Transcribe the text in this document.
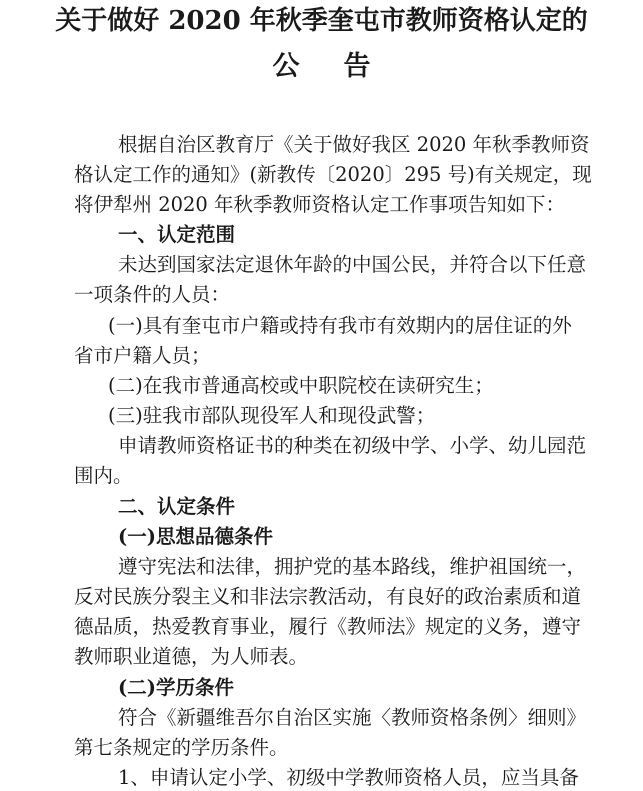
关于做好 2020 年秋季奎屯市教师资格认定的
公告
根据自治区教育厅《关于做好我区 2020 年秋季教师资
格认定工作的通知》(新教传〔2020〕295 号)有关规定，现
将伊犁州 2020 年秋季教师资格认定工作事项告知如下：
一、认定范围
未达到国家法定退休年龄的中国公民，并符合以下任意
一项条件的人员：
(一)具有奎屯市户籍或持有我市有效期内的居住证的外
省市户籍人员；
(二)在我市普通高校或中职院校在读研究生；
(三)驻我市部队现役军人和现役武警；
申请教师资格证书的种类在初级中学、小学、幼儿园范
围内。
二、认定条件
(一)思想品德条件
遵守宪法和法律，拥护党的基本路线，维护祖国统一，
反对民族分裂主义和非法宗教活动，有良好的政治素质和道
德品质，热爱教育事业，履行《教师法》规定的义务，遵守
教师职业道德，为人师表。
(二)学历条件
符合《新疆维吾尔自治区实施〈教师资格条例〉细则》
第七条规定的学历条件。
1、申请认定小学、初级中学教师资格人员，应当具备
